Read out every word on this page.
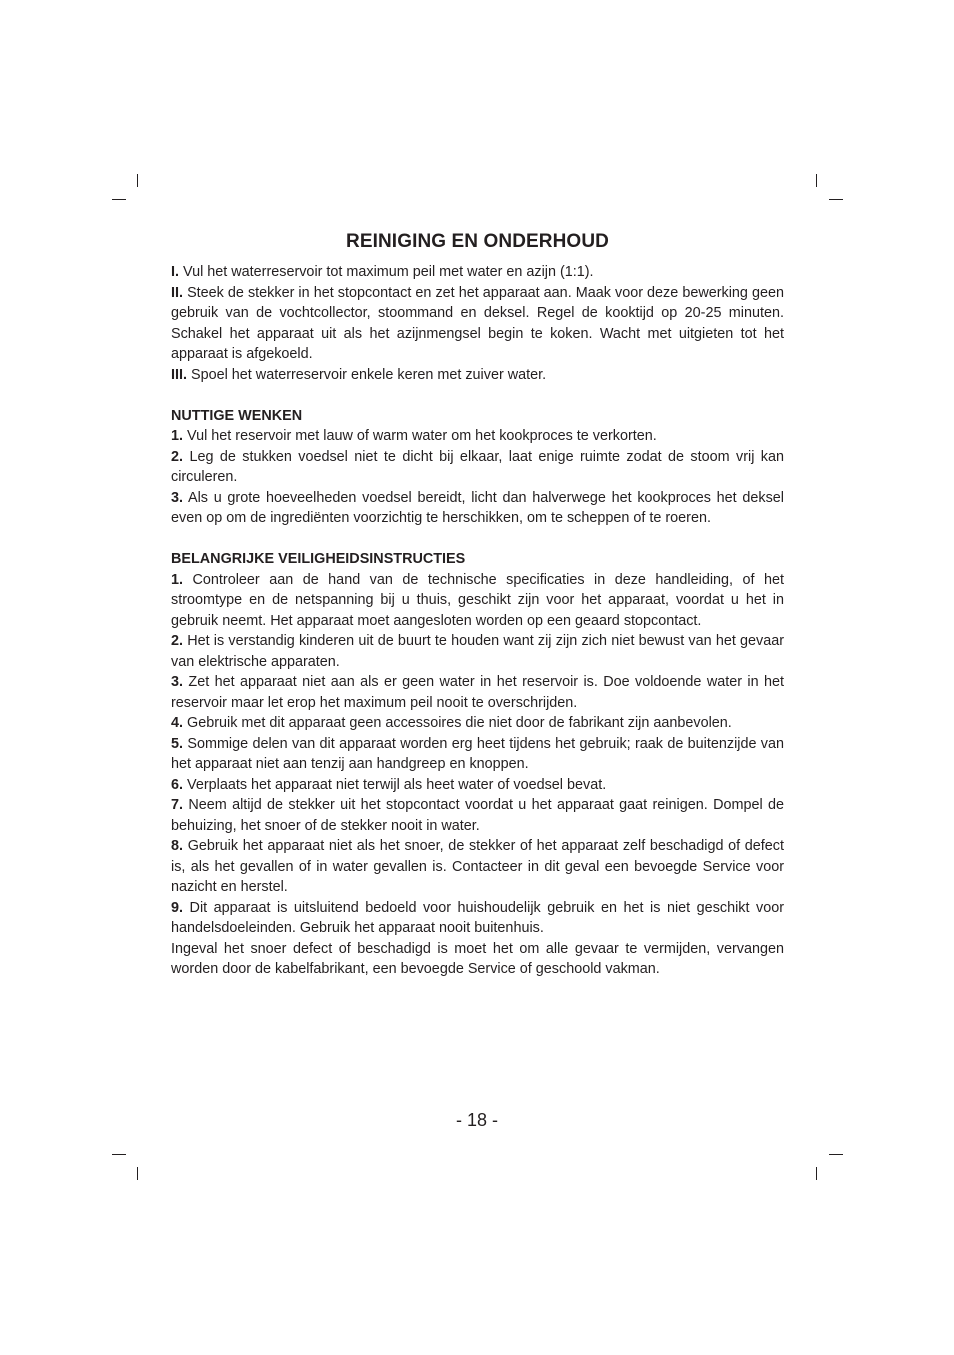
REINIGING EN ONDERHOUD

I. Vul het waterreservoir tot maximum peil met water en azijn (1:1).

II. Steek de stekker in het stopcontact en zet het apparaat aan. Maak voor deze bewerking geen gebruik van de vochtcollector, stoommand en deksel. Regel de kooktijd op 20-25 minuten. Schakel het apparaat uit als het azijnmengsel begin te koken. Wacht met uitgieten tot het apparaat is afgekoeld.

III. Spoel het waterreservoir enkele keren met zuiver water.

NUTTIGE WENKEN

1. Vul het reservoir met lauw of warm water om het kookproces te verkorten.

2. Leg de stukken voedsel niet te dicht bij elkaar, laat enige ruimte zodat de stoom vrij kan circuleren.

3. Als u grote hoeveelheden voedsel bereidt, licht dan halverwege het kookproces het deksel even op om de ingrediënten voorzichtig te herschikken, om te scheppen of te roeren.

BELANGRIJKE VEILIGHEIDSINSTRUCTIES

1. Controleer aan de hand van de technische specificaties in deze handleiding, of het stroomtype en de netspanning bij u thuis, geschikt zijn voor het apparaat, voordat u het in gebruik neemt. Het apparaat moet aangesloten worden op een geaard stopcontact.

2. Het is verstandig kinderen uit de buurt te houden want zij zijn zich niet bewust van het gevaar van elektrische apparaten.

3. Zet het apparaat niet aan als er geen water in het reservoir is. Doe voldoende water in het reservoir maar let erop het maximum peil nooit te overschrijden.

4. Gebruik met dit apparaat geen accessoires die niet door de fabrikant zijn aanbevolen.

5. Sommige delen van dit apparaat worden erg heet tijdens het gebruik; raak de buitenzijde van het apparaat niet aan tenzij aan handgreep en knoppen.

6. Verplaats het apparaat niet terwijl als heet water of voedsel bevat.

7. Neem altijd de stekker uit het stopcontact voordat u het apparaat gaat reinigen. Dompel de behuizing, het snoer of de stekker nooit in water.

8. Gebruik het apparaat niet als het snoer, de stekker of het apparaat zelf beschadigd of defect is, als het gevallen of in water gevallen is. Contacteer in dit geval een bevoegde Service voor nazicht en herstel.

9. Dit apparaat is uitsluitend bedoeld voor huishoudelijk gebruik en het is niet geschikt voor handelsdoeleinden. Gebruik het apparaat nooit buitenhuis.

Ingeval het snoer defect of beschadigd is moet het om alle gevaar te vermijden, vervangen worden door de kabelfabrikant, een bevoegde Service of geschoold vakman.

- 18 -
